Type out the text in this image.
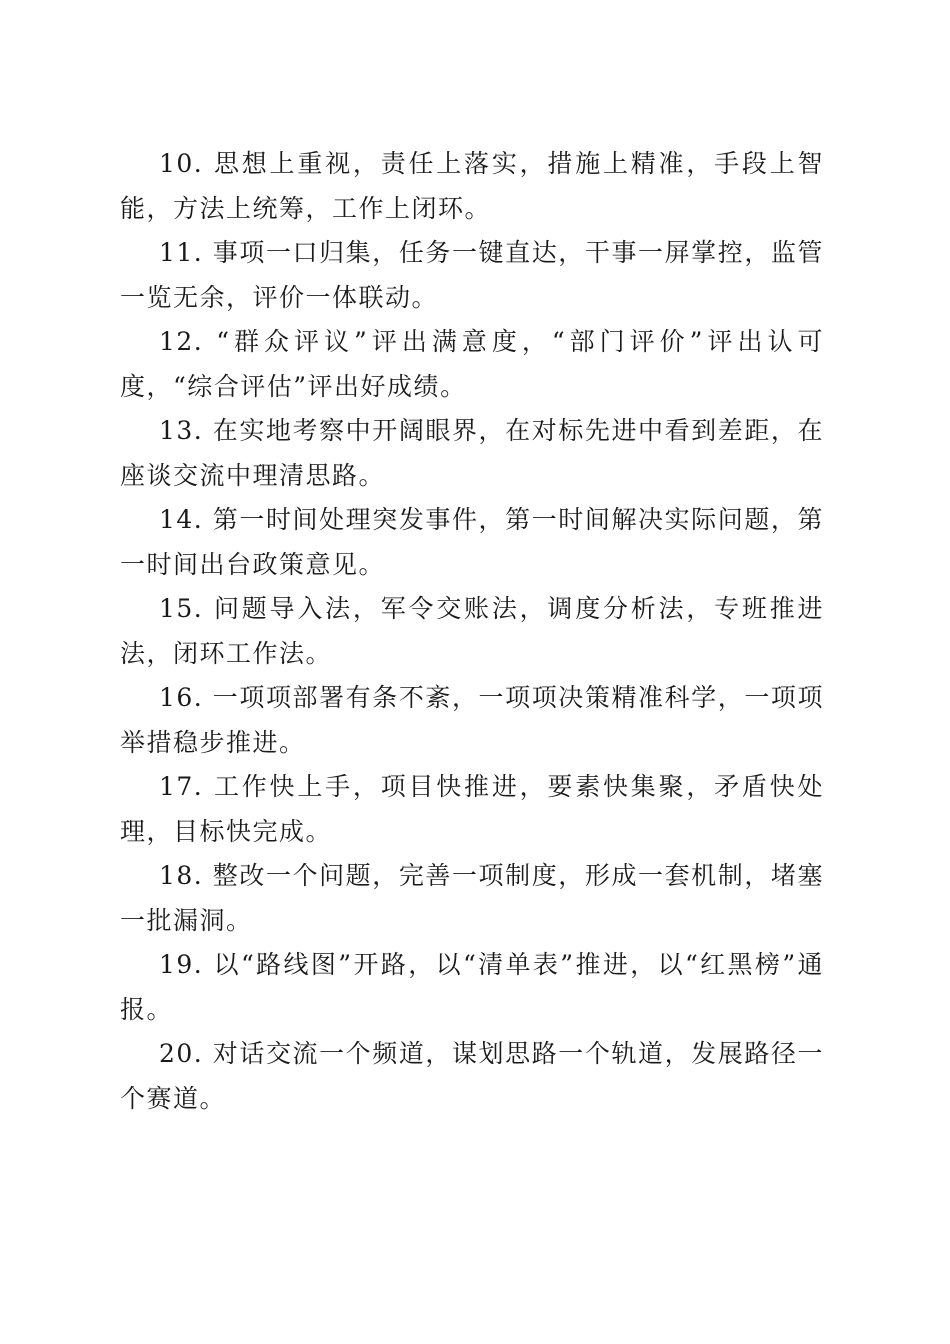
10. 思想上重视，责任上落实，措施上精准，手段上智能，方法上统筹，工作上闭环。

11. 事项一口归集，任务一键直达，干事一屏掌控，监管一览无余，评价一体联动。

12. “群众评议”评出满意度，“部门评价”评出认可度，“综合评估”评出好成绩。

13. 在实地考察中开阔眼界，在对标先进中看到差距，在座谈交流中理清思路。

14. 第一时间处理突发事件，第一时间解决实际问题，第一时间出台政策意见。

15. 问题导入法，军令交账法，调度分析法，专班推进法，闭环工作法。

16. 一项项部署有条不紊，一项项决策精准科学，一项项举措稳步推进。

17. 工作快上手，项目快推进，要素快集聚，矛盾快处理，目标快完成。

18. 整改一个问题，完善一项制度，形成一套机制，堵塞一批漏洞。

19. 以“路线图”开路，以“清单表”推进，以“红黑榜”通报。

20. 对话交流一个频道，谋划思路一个轨道，发展路径一个赛道。
